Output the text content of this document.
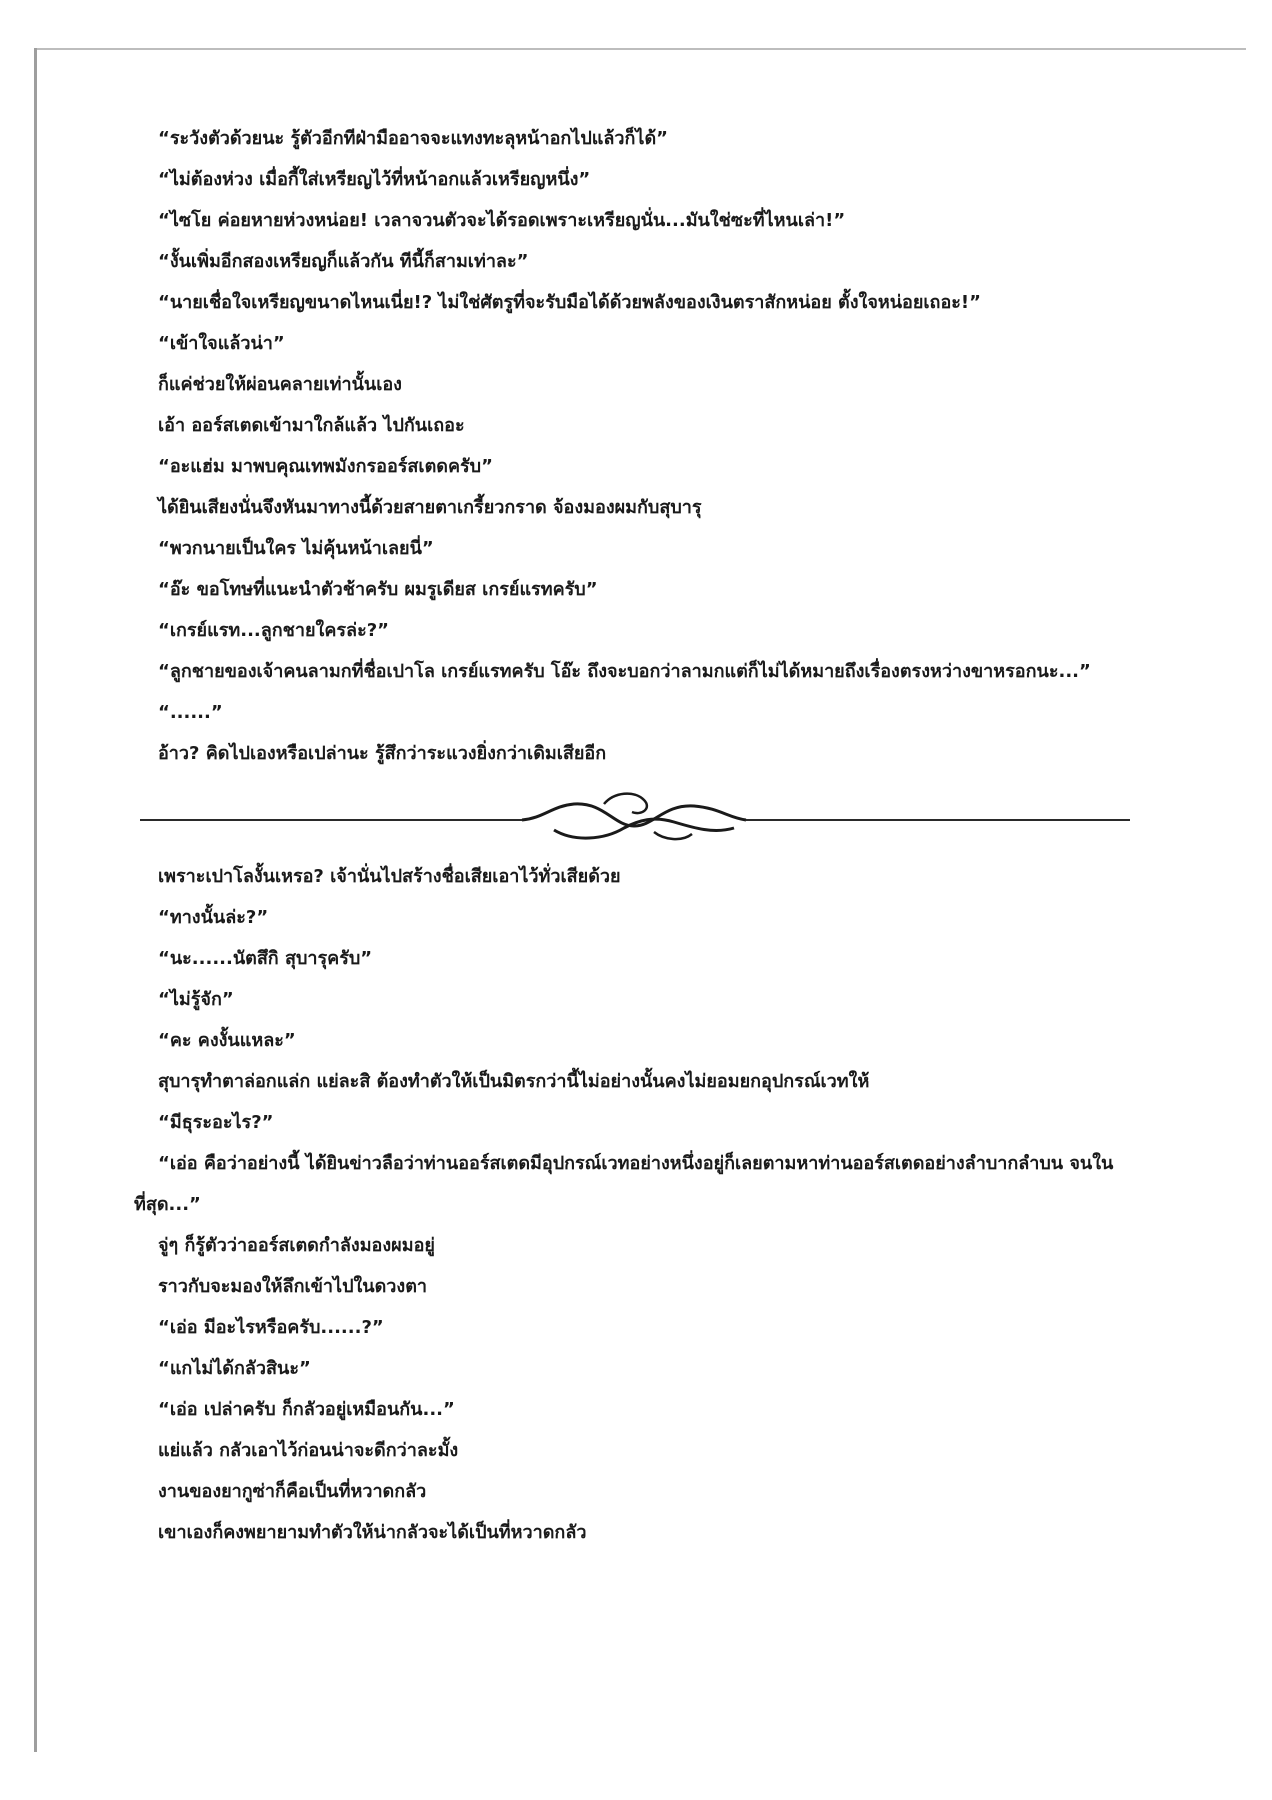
“ระวังตัวด้วยนะ รู้ตัวอีกทีฝ่ามืออาจจะแทงทะลุหน้าอกไปแล้วก็ได้”

“ไม่ต้องห่วง เมื่อกี้ใส่เหรียญไว้ที่หน้าอกแล้วเหรียญหนึ่ง”

“ไซโย ค่อยหายห่วงหน่อย! เวลาจวนตัวจะได้รอดเพราะเหรียญนั่น...มันใช่ซะที่ไหนเล่า!”

“งั้นเพิ่มอีกสองเหรียญก็แล้วกัน ทีนี้ก็สามเท่าละ”

“นายเชื่อใจเหรียญขนาดไหนเนี่ย!? ไม่ใช่ศัตรูที่จะรับมือได้ด้วยพลังของเงินตราสักหน่อย ตั้งใจหน่อยเถอะ!”

“เข้าใจแล้วน่า”

ก็แค่ช่วยให้ผ่อนคลายเท่านั้นเอง

เอ้า ออร์สเตดเข้ามาใกล้แล้ว ไปกันเถอะ

“อะแฮ่ม มาพบคุณเทพมังกรออร์สเตดครับ”

ได้ยินเสียงนั่นจึงหันมาทางนี้ด้วยสายตาเกรี้ยวกราด จ้องมองผมกับสุบารุ

“พวกนายเป็นใคร ไม่คุ้นหน้าเลยนี่”

“อ๊ะ ขอโทษที่แนะนำตัวช้าครับ ผมรูเดียส เกรย์แรทครับ”

“เกรย์แรท...ลูกชายใครล่ะ?”

“ลูกชายของเจ้าคนลามกที่ชื่อเปาโล เกรย์แรทครับ โอ๊ะ ถึงจะบอกว่าลามกแต่ก็ไม่ได้หมายถึงเรื่องตรงหว่างขาหรอกนะ...”

“......”

อ้าว? คิดไปเองหรือเปล่านะ รู้สึกว่าระแวงยิ่งกว่าเดิมเสียอีก

เพราะเปาโลงั้นเหรอ? เจ้านั่นไปสร้างชื่อเสียเอาไว้ทั่วเสียด้วย

“ทางนั้นล่ะ?”

“นะ......นัตสึกิ สุบารุครับ”

“ไม่รู้จัก”

“คะ คงงั้นแหละ”

สุบารุทำตาล่อกแล่ก แย่ละสิ ต้องทำตัวให้เป็นมิตรกว่านี้ไม่อย่างนั้นคงไม่ยอมยกอุปกรณ์เวทให้

“มีธุระอะไร?”

“เอ่อ คือว่าอย่างนี้ ได้ยินข่าวลือว่าท่านออร์สเตดมีอุปกรณ์เวทอย่างหนึ่งอยู่ก็เลยตามหาท่านออร์สเตดอย่างลำบากลำบน จนในที่สุด...”

จู่ๆ ก็รู้ตัวว่าออร์สเตดกำลังมองผมอยู่

ราวกับจะมองให้ลึกเข้าไปในดวงตา

“เอ่อ มีอะไรหรือครับ......?”

“แกไม่ได้กลัวสินะ”

“เอ่อ เปล่าครับ ก็กลัวอยู่เหมือนกัน...”

แย่แล้ว กลัวเอาไว้ก่อนน่าจะดีกว่าละมั้ง

งานของยากูซ่าก็คือเป็นที่หวาดกลัว

เขาเองก็คงพยายามทำตัวให้น่ากลัวจะได้เป็นที่หวาดกลัว
